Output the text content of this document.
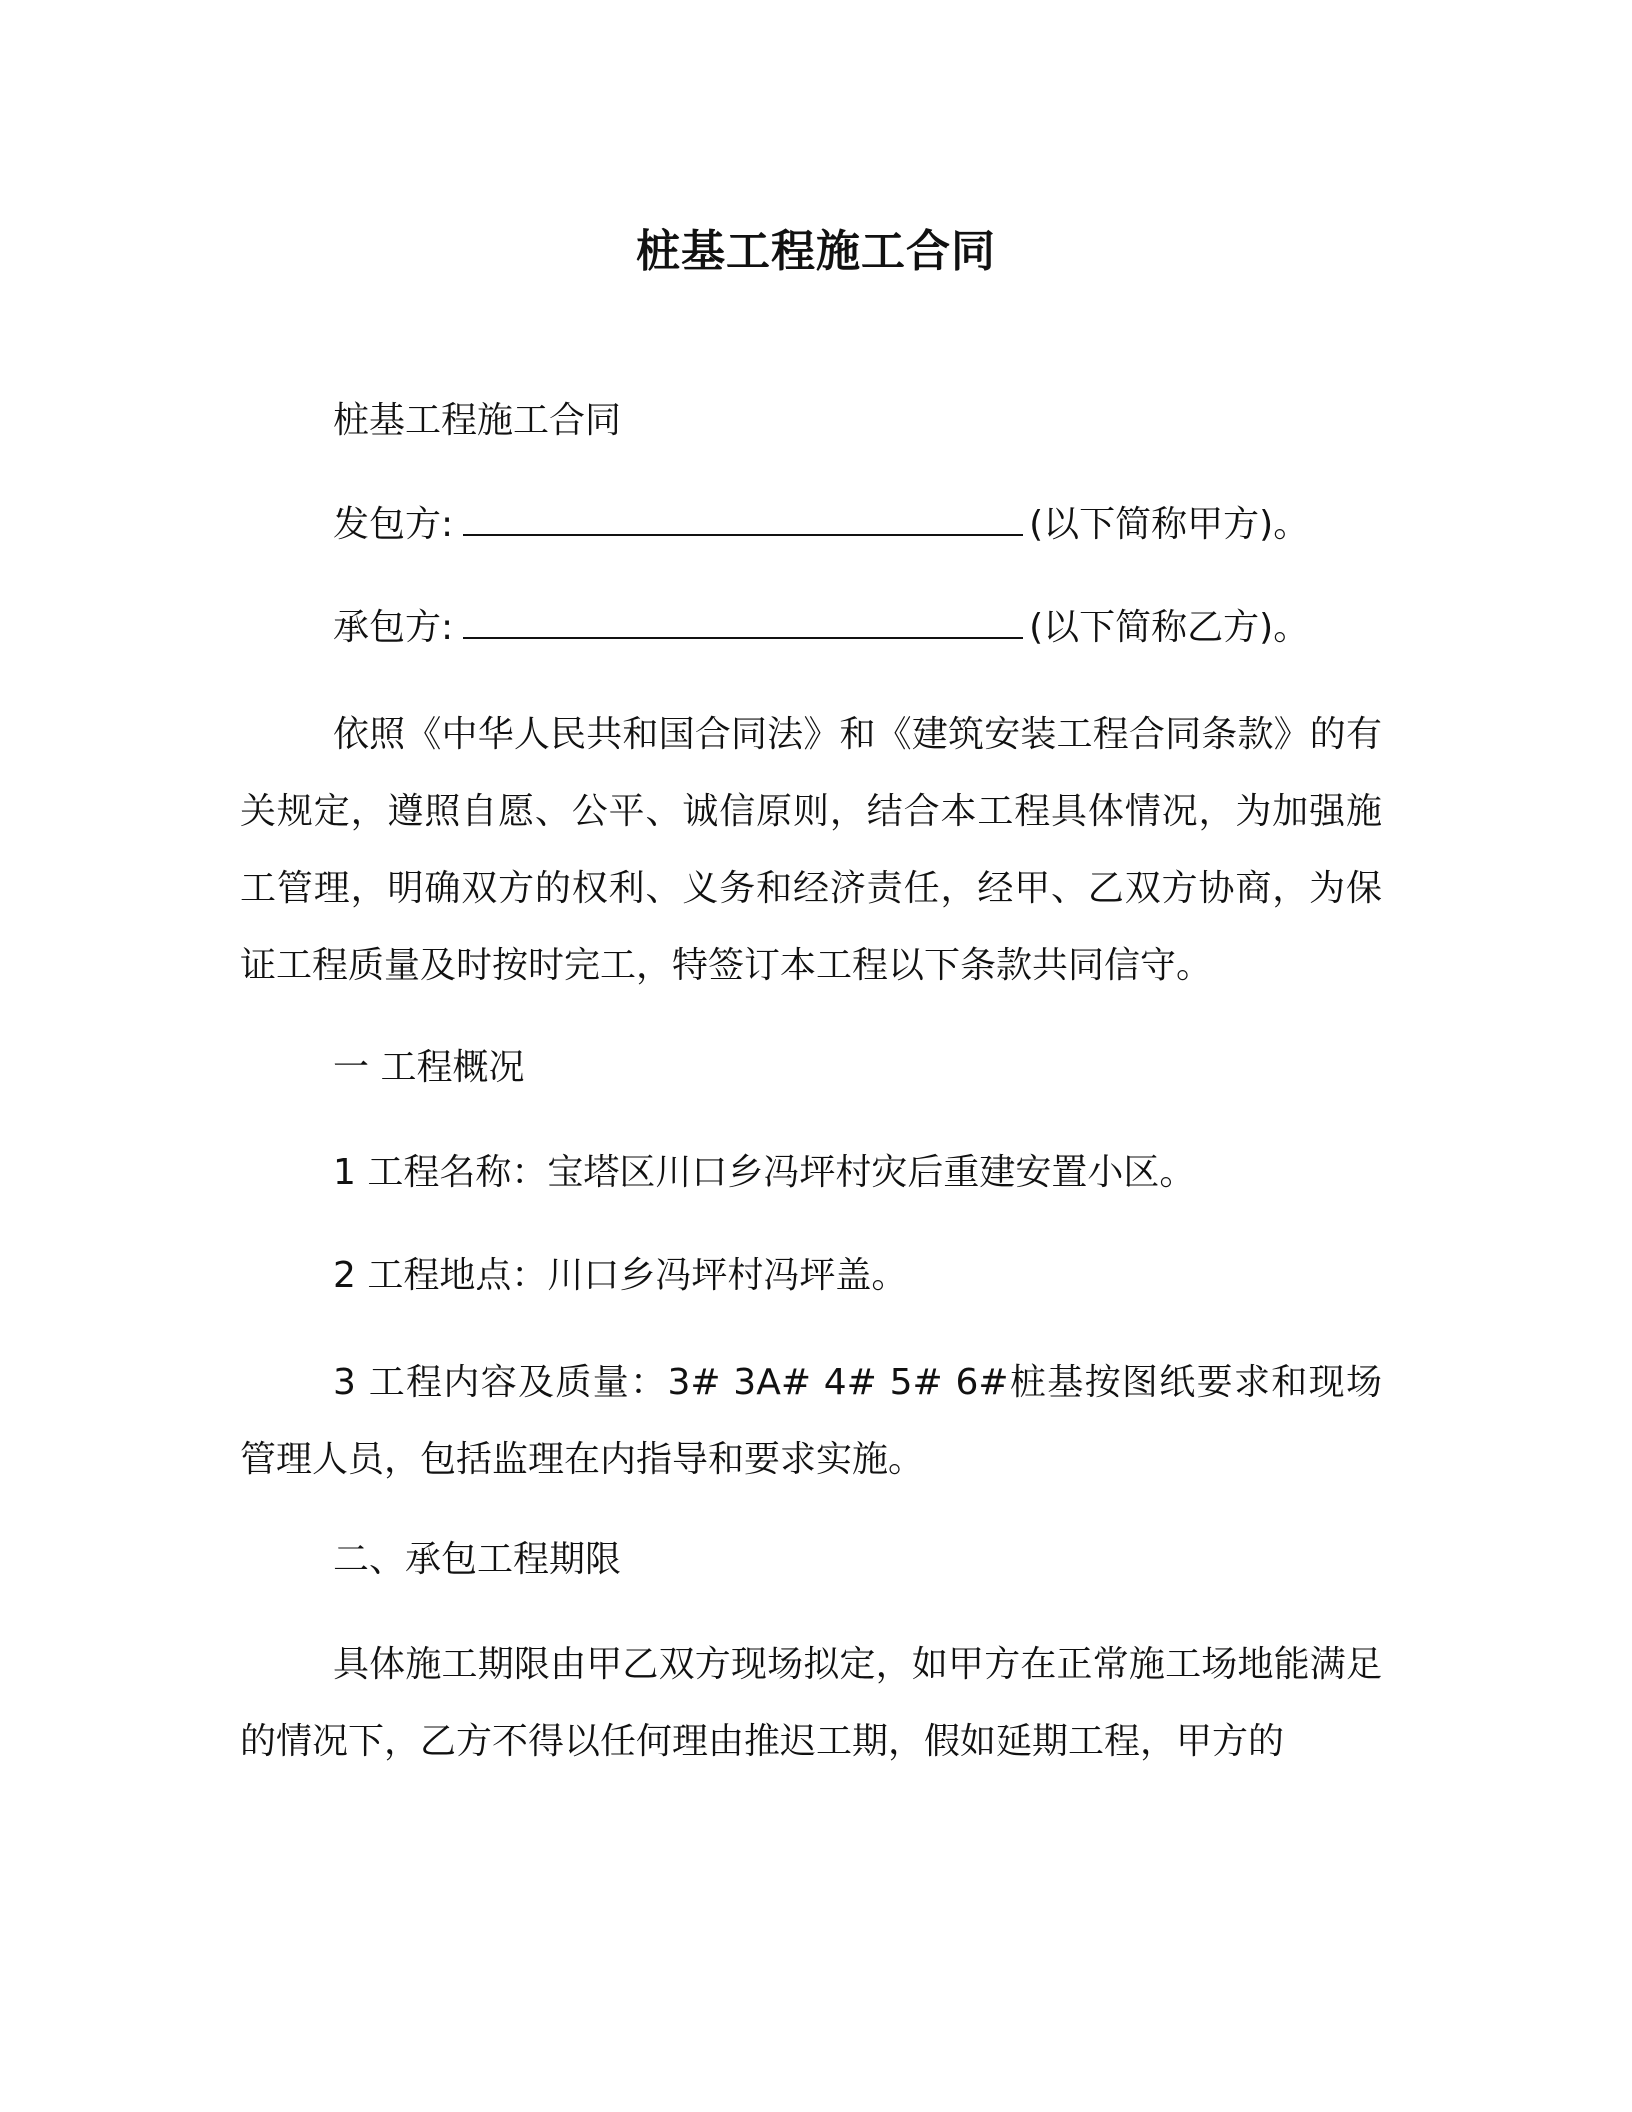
桩基工程施工合同
桩基工程施工合同
发包方:	(以下简称甲方)。
承包方:	(以下简称乙方)。

依照《中华人民共和国合同法》和《建筑安装工程合同条款》的有关规定，遵照自愿、公平、诚信原则，结合本工程具体情况，为加强施工管理，明确双方的权利、义务和经济责任，经甲、乙双方协商，为保证工程质量及时按时完工，特签订本工程以下条款共同信守。

一 工程概况
1 工程名称：宝塔区川口乡冯坪村灾后重建安置小区。
2 工程地点：川口乡冯坪村冯坪盖。

3 工程内容及质量：3# 3A# 4# 5# 6#桩基按图纸要求和现场管理人员，包括监理在内指导和要求实施。

二、承包工程期限

具体施工期限由甲乙双方现场拟定，如甲方在正常施工场地能满足的情况下，乙方不得以任何理由推迟工期，假如延期工程，甲方的
